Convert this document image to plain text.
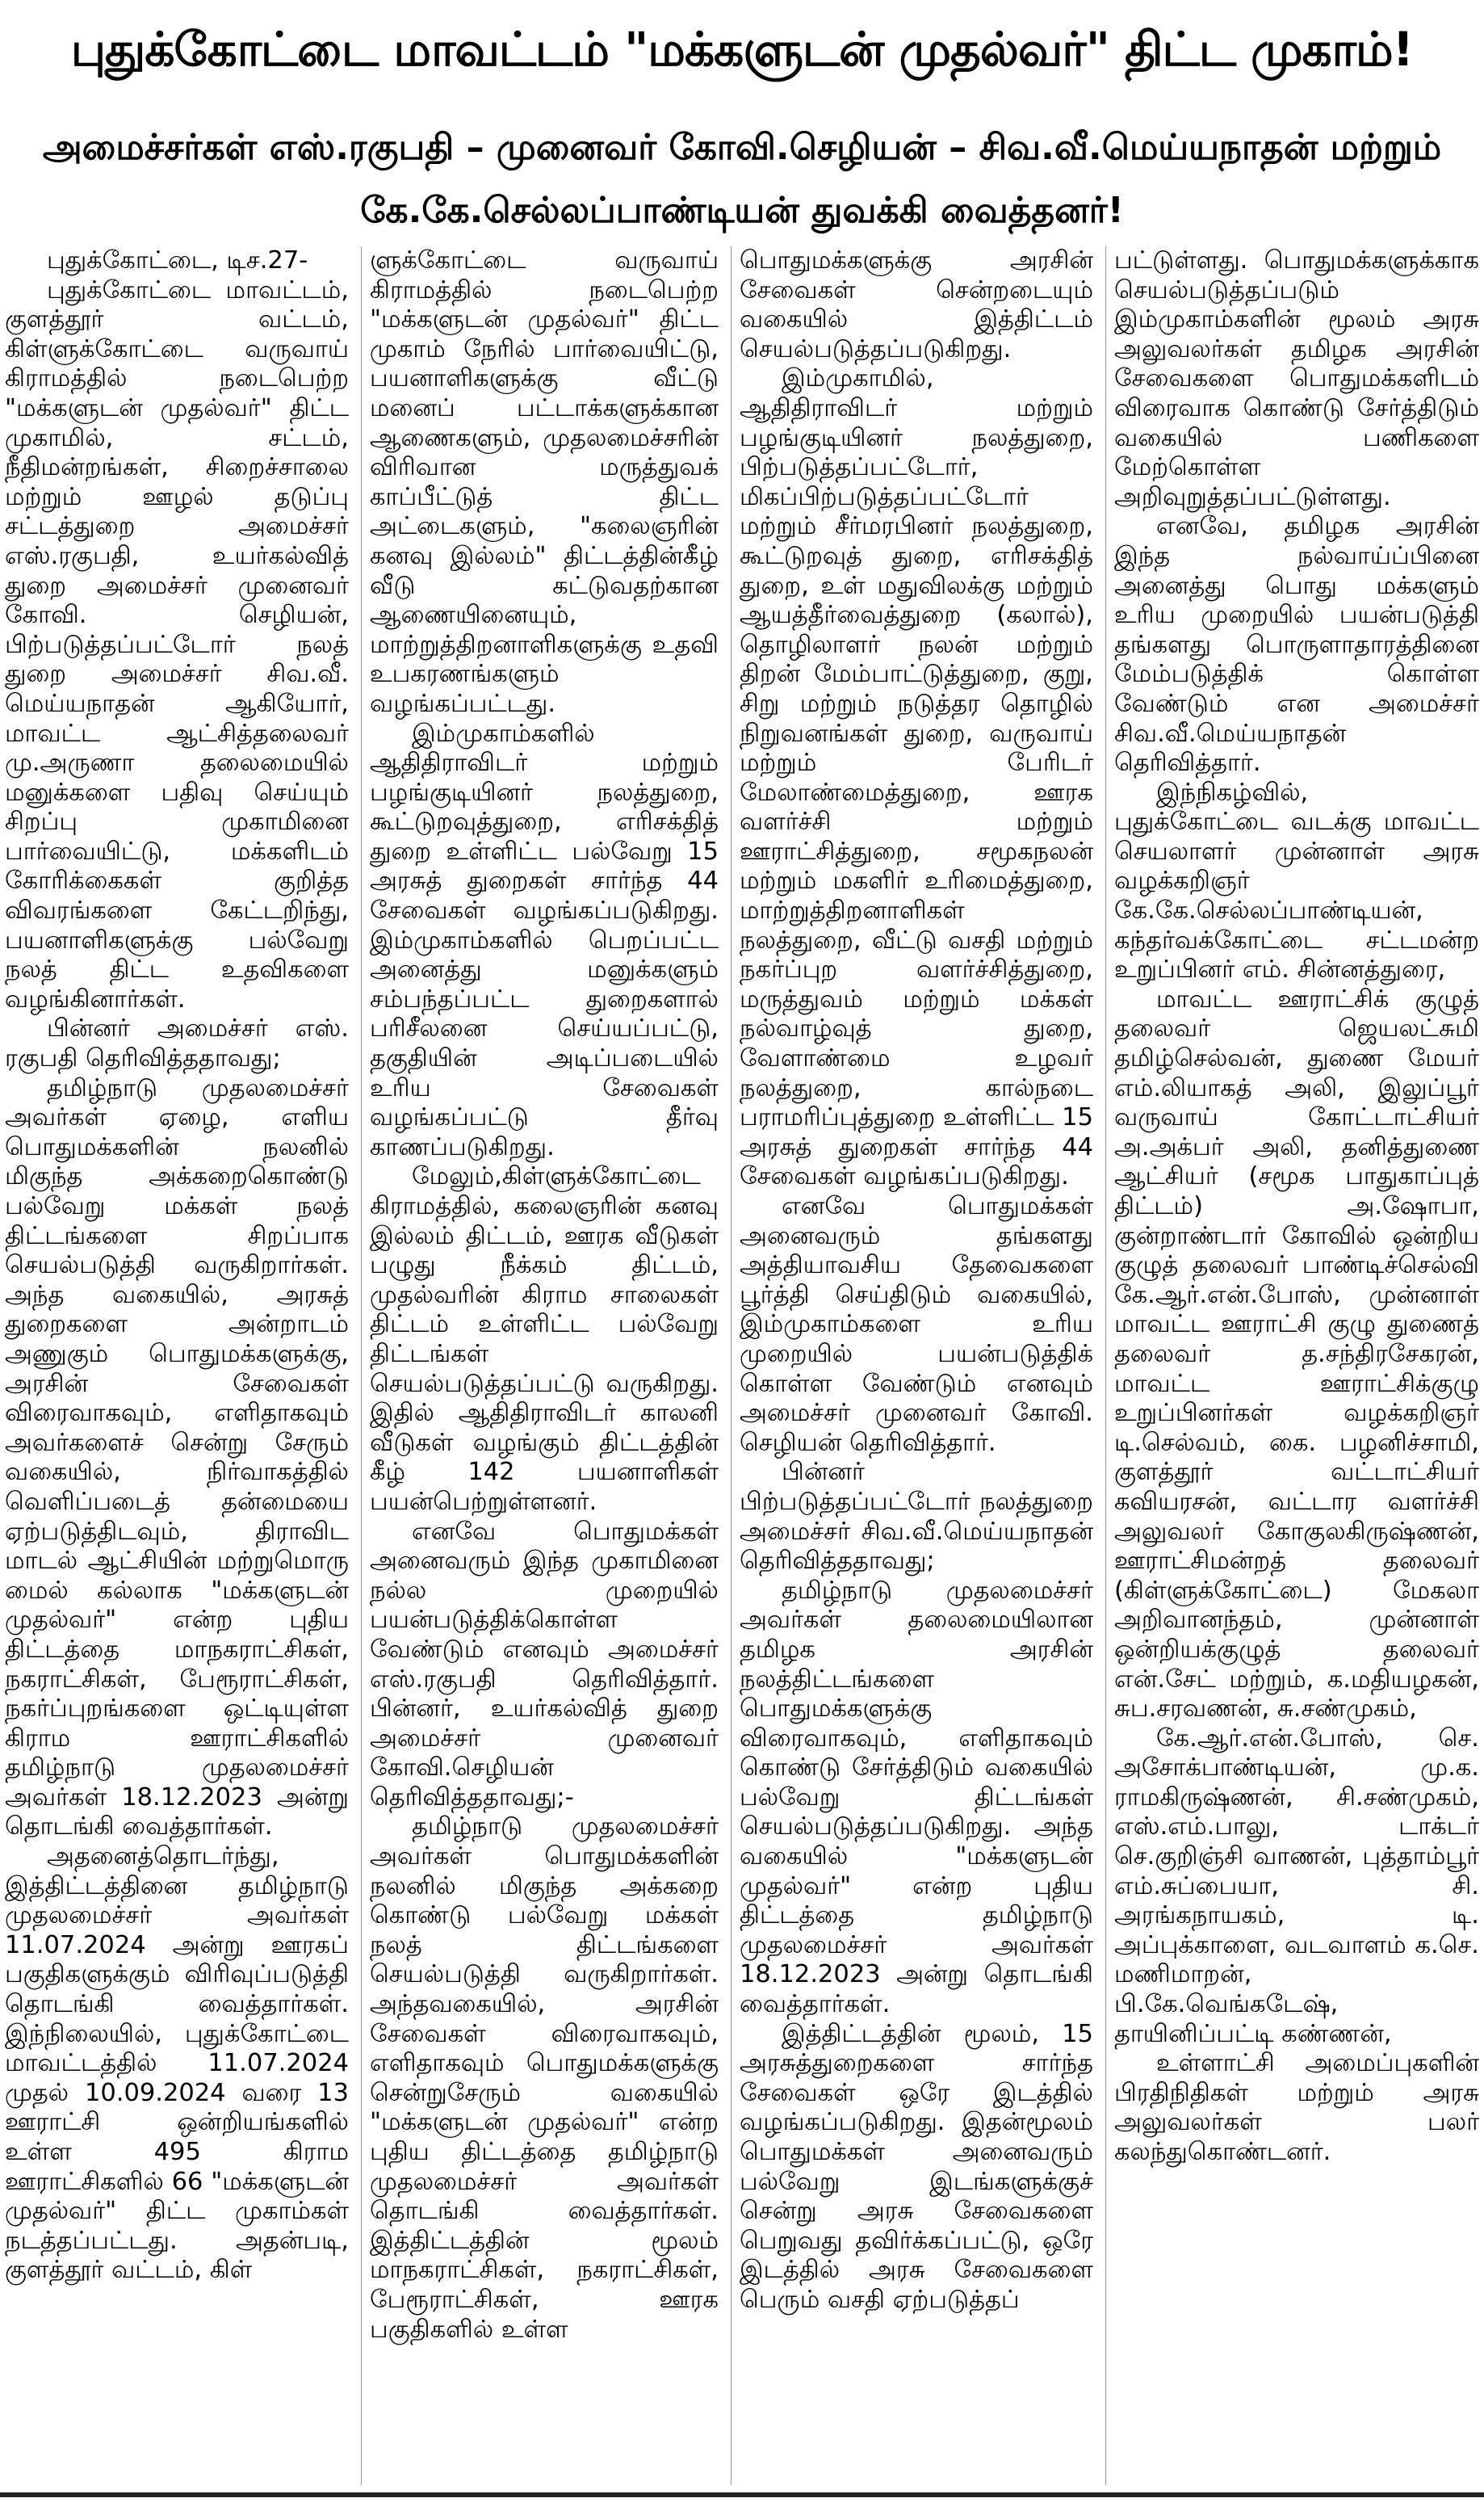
புதுக்கோட்டை மாவட்டம் "மக்களுடன் முதல்வர்" திட்ட முகாம்!
அமைச்சர்கள் எஸ்.ரகுபதி – முனைவர் கோவி.செழியன் – சிவ.வீ.மெய்யநாதன் மற்றும்
கே.கே.செல்லப்பாண்டியன் துவக்கி வைத்தனர்!

புதுக்கோட்டை, டிச.27-

புதுக்கோட்டை மாவட்டம், குளத்தூர் வட்டம், கிள்ளுக்கோட்டை வருவாய் கிராமத்தில் நடைபெற்ற "மக்களுடன் முதல்வர்" திட்ட முகாமில், சட்டம், நீதிமன்றங்கள், சிறைச்சாலை மற்றும் ஊழல் தடுப்பு சட்டத்துறை அமைச்சர் எஸ்.ரகுபதி, உயர்கல்வித் துறை அமைச்சர் முனைவர் கோவி. செழியன், பிற்படுத்தப்பட்டோர் நலத் துறை அமைச்சர் சிவ.வீ. மெய்யநாதன் ஆகியோர், மாவட்ட ஆட்சித்தலைவர் மு.அருணா தலைமையில் மனுக்களை பதிவு செய்யும் சிறப்பு முகாமினை பார்வையிட்டு, மக்களிடம் கோரிக்கைகள் குறித்த விவரங்களை கேட்டறிந்து, பயனாளிகளுக்கு பல்வேறு நலத் திட்ட உதவிகளை வழங்கினார்கள்.

பின்னர் அமைச்சர் எஸ். ரகுபதி தெரிவித்ததாவது;

தமிழ்நாடு முதலமைச்சர் அவர்கள் ஏழை, எளிய பொதுமக்களின் நலனில் மிகுந்த அக்கறைகொண்டு பல்வேறு மக்கள் நலத் திட்டங்களை சிறப்பாக செயல்படுத்தி வருகிறார்கள். அந்த வகையில், அரசுத் துறைகளை அன்றாடம் அணுகும் பொதுமக்களுக்கு, அரசின் சேவைகள் விரைவாகவும், எளிதாகவும் அவர்களைச் சென்று சேரும் வகையில், நிர்வாகத்தில் வெளிப்படைத் தன்மையை ஏற்படுத்திடவும், திராவிட மாடல் ஆட்சியின் மற்றுமொரு மைல் கல்லாக "மக்களுடன் முதல்வர்" என்ற புதிய திட்டத்தை மாநகராட்சிகள், நகராட்சிகள், பேரூராட்சிகள், நகர்ப்புறங்களை ஒட்டியுள்ள கிராம ஊராட்சிகளில் தமிழ்நாடு முதலமைச்சர் அவர்கள் 18.12.2023 அன்று தொடங்கி வைத்தார்கள்.

அதனைத்தொடர்ந்து, இத்திட்டத்தினை தமிழ்நாடு முதலமைச்சர் அவர்கள் 11.07.2024 அன்று ஊரகப் பகுதிகளுக்கும் விரிவுப்படுத்தி தொடங்கி வைத்தார்கள். இந்நிலையில், புதுக்கோட்டை மாவட்டத்தில் 11.07.2024 முதல் 10.09.2024 வரை 13 ஊராட்சி ஒன்றியங்களில் உள்ள 495 கிராம ஊராட்சிகளில் 66 "மக்களுடன் முதல்வர்" திட்ட முகாம்கள் நடத்தப்பட்டது. அதன்படி, குளத்தூர் வட்டம், கிள்

ளுக்கோட்டை வருவாய் கிராமத்தில் நடைபெற்ற "மக்களுடன் முதல்வர்" திட்ட முகாம் நேரில் பார்வையிட்டு, பயனாளிகளுக்கு வீட்டு மனைப் பட்டாக்களுக்கான ஆணைகளும், முதலமைச்சரின் விரிவான மருத்துவக் காப்பீட்டுத் திட்ட அட்டைகளும், "கலைஞரின் கனவு இல்லம்" திட்டத்தின்கீழ் வீடு கட்டுவதற்கான ஆணையினையும், மாற்றுத்திறனாளிகளுக்கு உதவி உபகரணங்களும் வழங்கப்பட்டது.

இம்முகாம்களில் ஆதிதிராவிடர் மற்றும் பழங்குடியினர் நலத்துறை, கூட்டுறவுத்துறை, எரிசக்தித் துறை உள்ளிட்ட பல்வேறு 15 அரசுத் துறைகள் சார்ந்த 44 சேவைகள் வழங்கப்படுகிறது. இம்முகாம்களில் பெறப்பட்ட அனைத்து மனுக்களும் சம்பந்தப்பட்ட துறைகளால் பரிசீலனை செய்யப்பட்டு, தகுதியின் அடிப்படையில் உரிய சேவைகள் வழங்கப்பட்டு தீர்வு காணப்படுகிறது.

மேலும்,கிள்ளுக்கோட்டை கிராமத்தில், கலைஞரின் கனவு இல்லம் திட்டம், ஊரக வீடுகள் பழுது நீக்கம் திட்டம், முதல்வரின் கிராம சாலைகள் திட்டம் உள்ளிட்ட பல்வேறு திட்டங்கள் செயல்படுத்தப்பட்டு வருகிறது. இதில் ஆதிதிராவிடர் காலனி வீடுகள் வழங்கும் திட்டத்தின் கீழ் 142 பயனாளிகள் பயன்பெற்றுள்ளனர்.

எனவே பொதுமக்கள் அனைவரும் இந்த முகாமினை நல்ல முறையில் பயன்படுத்திக்கொள்ள வேண்டும் எனவும் அமைச்சர் எஸ்.ரகுபதி தெரிவித்தார். பின்னர், உயர்கல்வித் துறை அமைச்சர் முனைவர் கோவி.செழியன் தெரிவித்ததாவது;-

தமிழ்நாடு முதலமைச்சர் அவர்கள் பொதுமக்களின் நலனில் மிகுந்த அக்கறை கொண்டு பல்வேறு மக்கள் நலத் திட்டங்களை செயல்படுத்தி வருகிறார்கள். அந்தவகையில், அரசின் சேவைகள் விரைவாகவும், எளிதாகவும் பொதுமக்களுக்கு சென்றுசேரும் வகையில் "மக்களுடன் முதல்வர்" என்ற புதிய திட்டத்தை தமிழ்நாடு முதலமைச்சர் அவர்கள் தொடங்கி வைத்தார்கள். இத்திட்டத்தின் மூலம் மாநகராட்சிகள், நகராட்சிகள், பேரூராட்சிகள், ஊரக பகுதிகளில் உள்ள

பொதுமக்களுக்கு அரசின் சேவைகள் சென்றடையும் வகையில் இத்திட்டம் செயல்படுத்தப்படுகிறது.

இம்முகாமில், ஆதிதிராவிடர் மற்றும் பழங்குடியினர் நலத்துறை, பிற்படுத்தப்பட்டோர், மிகப்பிற்படுத்தப்பட்டோர் மற்றும் சீர்மரபினர் நலத்துறை, கூட்டுறவுத் துறை, எரிசக்தித் துறை, உள் மதுவிலக்கு மற்றும் ஆயத்தீர்வைத்துறை (கலால்), தொழிலாளர் நலன் மற்றும் திறன் மேம்பாட்டுத்துறை, குறு, சிறு மற்றும் நடுத்தர தொழில் நிறுவனங்கள் துறை, வருவாய் மற்றும் பேரிடர் மேலாண்மைத்துறை, ஊரக வளர்ச்சி மற்றும் ஊராட்சித்துறை, சமூகநலன் மற்றும் மகளிர் உரிமைத்துறை, மாற்றுத்திறனாளிகள் நலத்துறை, வீட்டு வசதி மற்றும் நகர்ப்புற வளர்ச்சித்துறை, மருத்துவம் மற்றும் மக்கள் நல்வாழ்வுத் துறை, வேளாண்மை உழவர் நலத்துறை, கால்நடை பராமரிப்புத்துறை உள்ளிட்ட 15 அரசுத் துறைகள் சார்ந்த 44 சேவைகள் வழங்கப்படுகிறது.

எனவே பொதுமக்கள் அனைவரும் தங்களது அத்தியாவசிய தேவைகளை பூர்த்தி செய்திடும் வகையில், இம்முகாம்களை உரிய முறையில் பயன்படுத்திக் கொள்ள வேண்டும் எனவும் அமைச்சர் முனைவர் கோவி. செழியன் தெரிவித்தார்.

பின்னர் பிற்படுத்தப்பட்டோர் நலத்துறை அமைச்சர் சிவ.வீ.மெய்யநாதன் தெரிவித்ததாவது;

தமிழ்நாடு முதலமைச்சர் அவர்கள் தலைமையிலான தமிழக அரசின் நலத்திட்டங்களை பொதுமக்களுக்கு விரைவாகவும், எளிதாகவும் கொண்டு சேர்த்திடும் வகையில் பல்வேறு திட்டங்கள் செயல்படுத்தப்படுகிறது. அந்த வகையில் "மக்களுடன் முதல்வர்" என்ற புதிய திட்டத்தை தமிழ்நாடு முதலமைச்சர் அவர்கள் 18.12.2023 அன்று தொடங்கி வைத்தார்கள்.

இத்திட்டத்தின் மூலம், 15 அரசுத்துறைகளை சார்ந்த சேவைகள் ஒரே இடத்தில் வழங்கப்படுகிறது. இதன்மூலம் பொதுமக்கள் அனைவரும் பல்வேறு இடங்களுக்குச் சென்று அரசு சேவைகளை பெறுவது தவிர்க்கப்பட்டு, ஒரே இடத்தில் அரசு சேவைகளை பெரும் வசதி ஏற்படுத்தப்

பட்டுள்ளது. பொதுமக்களுக்காக செயல்படுத்தப்படும் இம்முகாம்களின் மூலம் அரசு அலுவலர்கள் தமிழக அரசின் சேவைகளை பொதுமக்களிடம் விரைவாக கொண்டு சேர்த்திடும் வகையில் பணிகளை மேற்கொள்ள அறிவுறுத்தப்பட்டுள்ளது.

எனவே, தமிழக அரசின் இந்த நல்வாய்ப்பினை அனைத்து பொது மக்களும் உரிய முறையில் பயன்படுத்தி தங்களது பொருளாதாரத்தினை மேம்படுத்திக் கொள்ள வேண்டும் என அமைச்சர் சிவ.வீ.மெய்யநாதன் தெரிவித்தார்.

இந்நிகழ்வில், புதுக்கோட்டை வடக்கு மாவட்ட செயலாளர் முன்னாள் அரசு வழக்கறிஞர் கே.கே.செல்லப்பாண்டியன், கந்தர்வக்கோட்டை சட்டமன்ற உறுப்பினர் எம். சின்னத்துரை,

மாவட்ட ஊராட்சிக் குழுத் தலைவர் ஜெயலட்சுமி தமிழ்செல்வன், துணை மேயர் எம்.லியாகத் அலி, இலுப்பூர் வருவாய் கோட்டாட்சியர் அ.அக்பர் அலி, தனித்துணை ஆட்சியர் (சமூக பாதுகாப்புத் திட்டம்) அ.ஷோபா, குன்றாண்டார் கோவில் ஒன்றிய குழுத் தலைவர் பாண்டிச்செல்வி கே.ஆர்.என்.போஸ், முன்னாள் மாவட்ட ஊராட்சி குழு துணைத் தலைவர் த.சந்திரசேகரன், மாவட்ட ஊராட்சிக்குழு உறுப்பினர்கள் வழக்கறிஞர் டி.செல்வம், கை. பழனிச்சாமி, குளத்தூர் வட்டாட்சியர் கவியரசன், வட்டார வளர்ச்சி அலுவலர் கோகுலகிருஷ்ணன், ஊராட்சிமன்றத் தலைவர் (கிள்ளுக்கோட்டை) மேகலா அறிவானந்தம், முன்னாள் ஒன்றியக்குழுத் தலைவர் என்.சேட் மற்றும், க.மதியழகன், சுப.சரவணன், சு.சண்முகம்,

கே.ஆர்.என்.போஸ், செ. அசோக்பாண்டியன், மு.க. ராமகிருஷ்ணன், சி.சண்முகம், எஸ்.எம்.பாலு, டாக்டர் செ.குறிஞ்சி வாணன், புத்தாம்பூர் எம்.சுப்பையா, சி. அரங்கநாயகம், டி. அப்புக்காளை, வடவாளம் க.செ. மணிமாறன், பி.கே.வெங்கடேஷ், தாயினிப்பட்டி கண்ணன்,

உள்ளாட்சி அமைப்புகளின் பிரதிநிதிகள் மற்றும் அரசு அலுவலர்கள் பலர் கலந்துகொண்டனர்.
